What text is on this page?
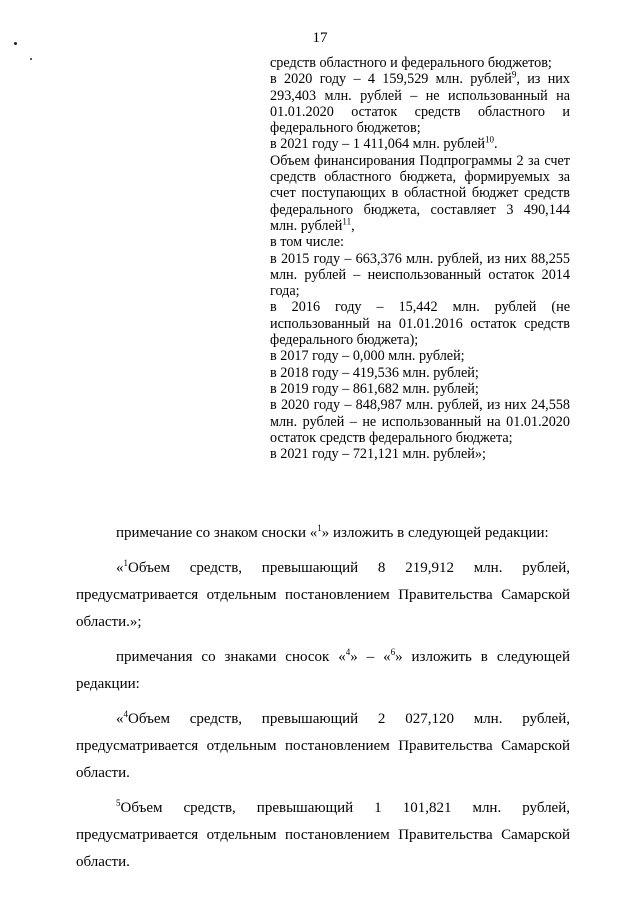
17

средств областного и федерального бюджетов;

в 2020 году – 4 159,529 млн. рублей$^9$, из них 293,403 млн. рублей – не использованный на 01.01.2020 остаток средств областного и федерального бюджетов;

в 2021 году – 1 411,064 млн. рублей$^{10}$.

Объем финансирования Подпрограммы 2 за счет средств областного бюджета, формируемых за счет поступающих в областной бюджет средств федерального бюджета, составляет 3 490,144 млн. рублей$^{11}$,

в том числе:

в 2015 году – 663,376 млн. рублей, из них 88,255 млн. рублей – неиспользованный остаток 2014 года;

в 2016 году – 15,442 млн. рублей (не использованный на 01.01.2016 остаток средств федерального бюджета);

в 2017 году – 0,000 млн. рублей;

в 2018 году – 419,536 млн. рублей;

в 2019 году – 861,682 млн. рублей;

в 2020 году – 848,987 млн. рублей, из них 24,558 млн. рублей – не использованный на 01.01.2020 остаток средств федерального бюджета;

в 2021 году – 721,121 млн. рублей»;

примечание со знаком сноски «$^1$» изложить в следующей редакции:

«$^1$Объем средств, превышающий 8 219,912 млн. рублей, предусматривается отдельным постановлением Правительства Самарской области.»;

примечания со знаками сносок «$^4$» – «$^6$» изложить в следующей редакции:

«$^4$Объем средств, превышающий 2 027,120 млн. рублей, предусматривается отдельным постановлением Правительства Самарской области.

$^5$Объем средств, превышающий 1 101,821 млн. рублей, предусматривается отдельным постановлением Правительства Самарской области.
